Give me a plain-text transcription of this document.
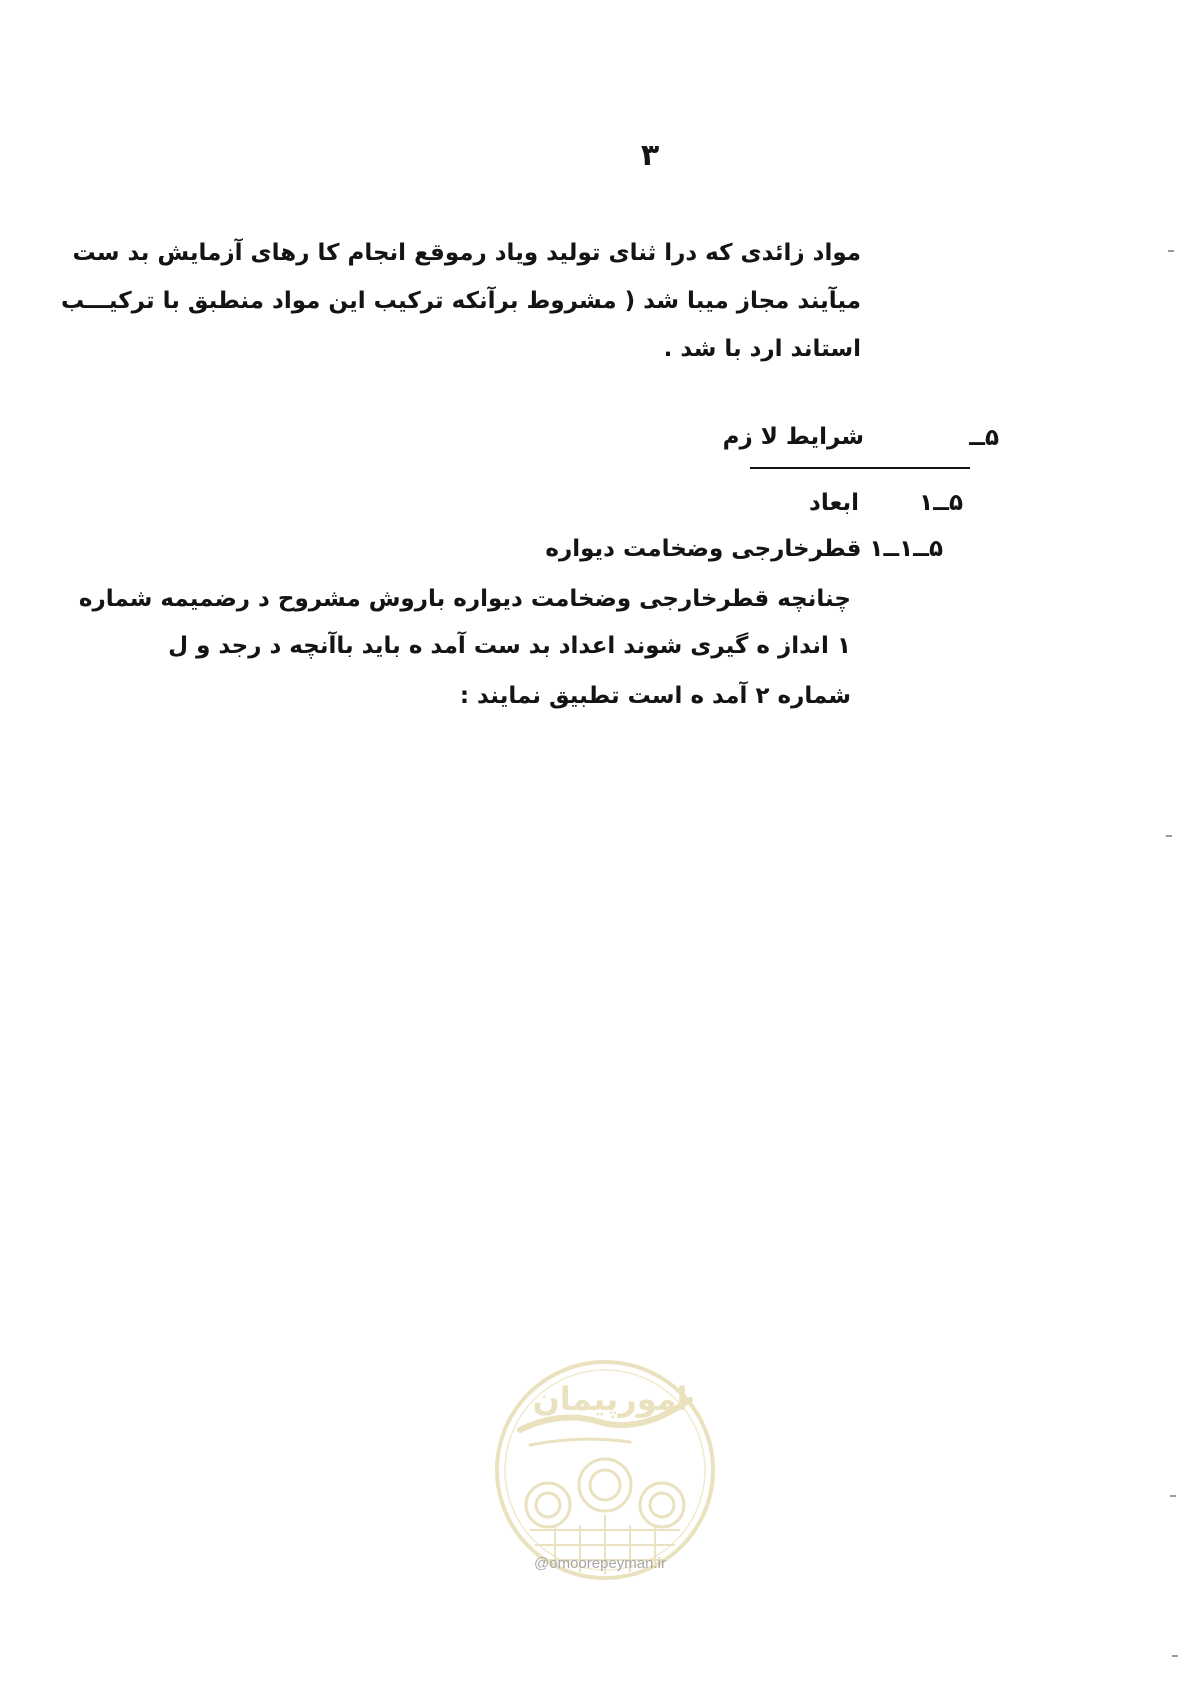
۳
مواد زائدی که درا ثنای تولید ویاد رموقع انجام کا رهای آزمایش بد ست
میآیند مجاز میبا شد ( مشروط برآنکه ترکیب این مواد منطبق با ترکیـــب
استاند ارد با شد .
۵ــ
شرایط لا زم
۵ــ۱
ابعاد
۵ــ۱ــ۱ قطرخارجی وضخامت دیواره
چنانچه قطرخارجی وضخامت دیواره باروش مشروح د رضمیمه شماره
۱ انداز ه گیری شوند اعداد بد ست آمد ه باید باآنچه د رجد و ل
شماره ۲ آمد ه است تطبیق نمایند :
امورپیمان
@omoorepeyman.ir
